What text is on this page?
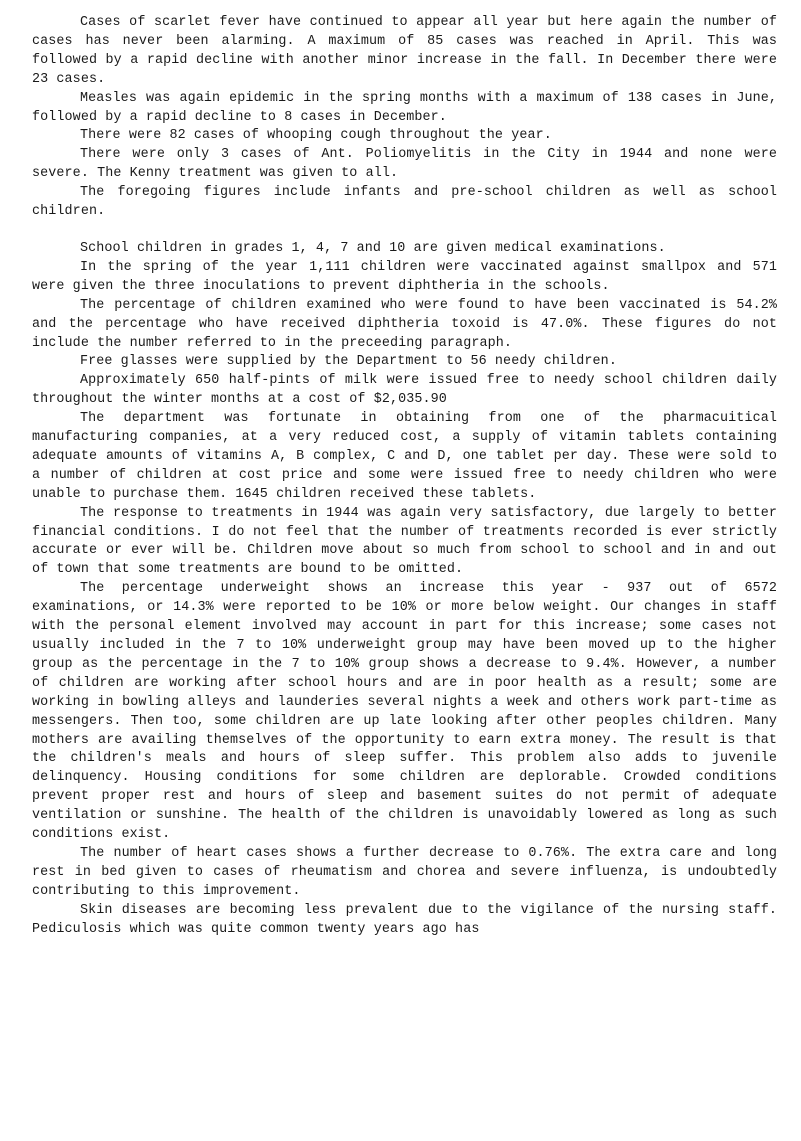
Cases of scarlet fever have continued to appear all year but here again the number of cases has never been alarming. A maximum of 85 cases was reached in April. This was followed by a rapid decline with another minor increase in the fall. In December there were 23 cases.

Measles was again epidemic in the spring months with a maximum of 138 cases in June, followed by a rapid decline to 8 cases in December.

There were 82 cases of whooping cough throughout the year.

There were only 3 cases of Ant. Poliomyelitis in the City in 1944 and none were severe. The Kenny treatment was given to all.

The foregoing figures include infants and pre-school children as well as school children.

School children in grades 1, 4, 7 and 10 are given medical examinations.

In the spring of the year 1,111 children were vaccinated against smallpox and 571 were given the three inoculations to prevent diphtheria in the schools.

The percentage of children examined who were found to have been vaccinated is 54.2% and the percentage who have received diphtheria toxoid is 47.0%. These figures do not include the number referred to in the preceeding paragraph.

Free glasses were supplied by the Department to 56 needy children.

Approximately 650 half-pints of milk were issued free to needy school children daily throughout the winter months at a cost of $2,035.90

The department was fortunate in obtaining from one of the pharmacuitical manufacturing companies, at a very reduced cost, a supply of vitamin tablets containing adequate amounts of vitamins A, B complex, C and D, one tablet per day. These were sold to a number of children at cost price and some were issued free to needy children who were unable to purchase them. 1645 children received these tablets.

The response to treatments in 1944 was again very satisfactory, due largely to better financial conditions. I do not feel that the number of treatments recorded is ever strictly accurate or ever will be. Children move about so much from school to school and in and out of town that some treatments are bound to be omitted.

The percentage underweight shows an increase this year - 937 out of 6572 examinations, or 14.3% were reported to be 10% or more below weight. Our changes in staff with the personal element involved may account in part for this increase; some cases not usually included in the 7 to 10% underweight group may have been moved up to the higher group as the percentage in the 7 to 10% group shows a decrease to 9.4%. However, a number of children are working after school hours and are in poor health as a result; some are working in bowling alleys and launderies several nights a week and others work part-time as messengers. Then too, some children are up late looking after other peoples children. Many mothers are availing themselves of the opportunity to earn extra money. The result is that the children's meals and hours of sleep suffer. This problem also adds to juvenile delinquency. Housing conditions for some children are deplorable. Crowded conditions prevent proper rest and hours of sleep and basement suites do not permit of adequate ventilation or sunshine. The health of the children is unavoidably lowered as long as such conditions exist.

The number of heart cases shows a further decrease to 0.76%. The extra care and long rest in bed given to cases of rheumatism and chorea and severe influenza, is undoubtedly contributing to this improvement.

Skin diseases are becoming less prevalent due to the vigilance of the nursing staff. Pediculosis which was quite common twenty years ago has
